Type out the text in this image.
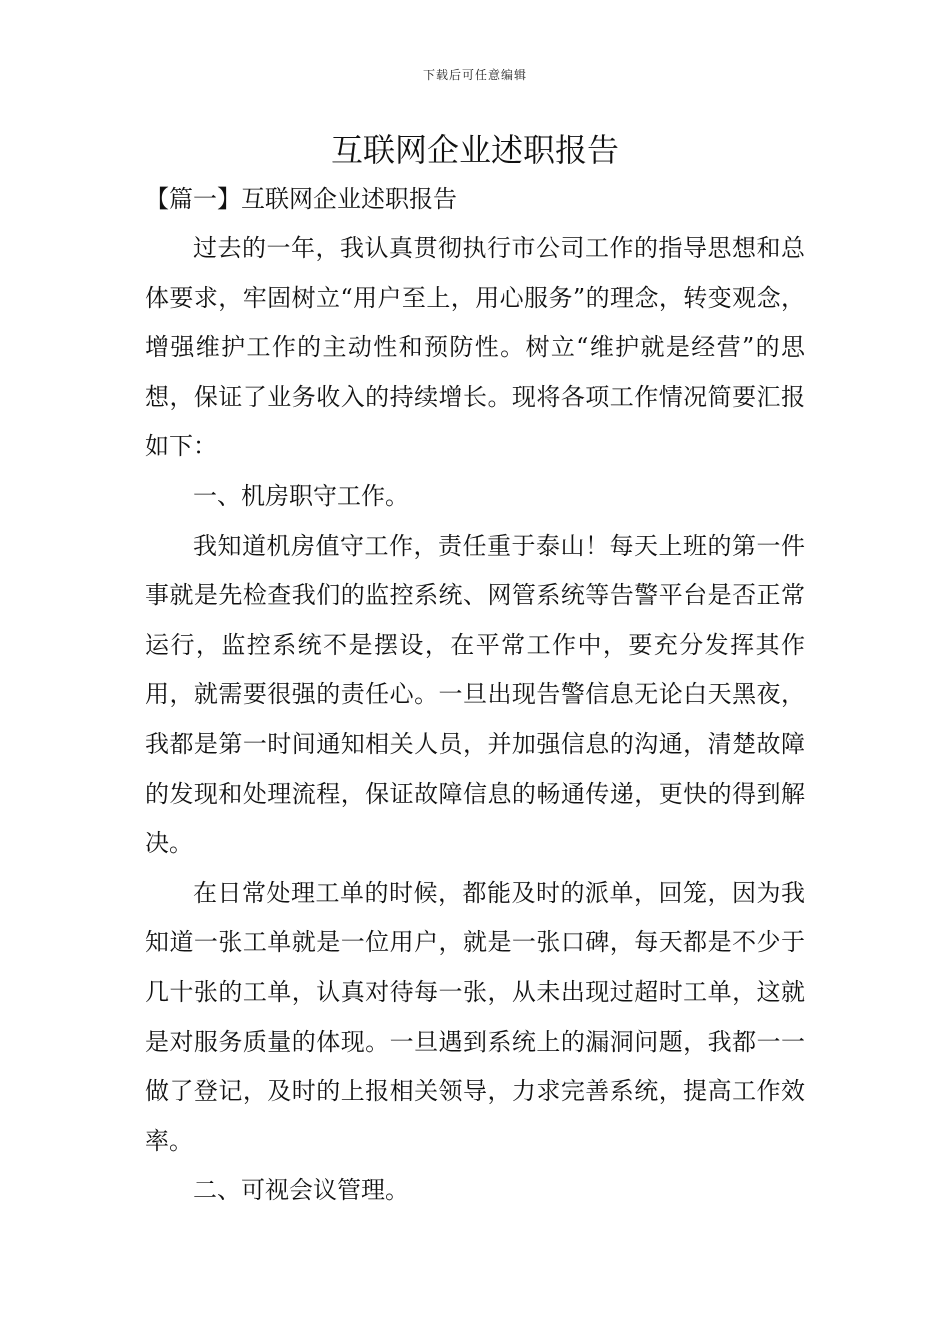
下载后可任意编辑
互联网企业述职报告
【篇一】互联网企业述职报告

过去的一年，我认真贯彻执行市公司工作的指导思想和总体要求，牢固树立“用户至上，用心服务”的理念，转变观念，增强维护工作的主动性和预防性。树立“维护就是经营”的思想，保证了业务收入的持续增长。现将各项工作情况简要汇报如下：

一、机房职守工作。

我知道机房值守工作，责任重于泰山！每天上班的第一件事就是先检查我们的监控系统、网管系统等告警平台是否正常运行，监控系统不是摆设，在平常工作中，要充分发挥其作用，就需要很强的责任心。一旦出现告警信息无论白天黑夜，我都是第一时间通知相关人员，并加强信息的沟通，清楚故障的发现和处理流程，保证故障信息的畅通传递，更快的得到解决。

在日常处理工单的时候，都能及时的派单，回笼，因为我知道一张工单就是一位用户，就是一张口碑，每天都是不少于几十张的工单，认真对待每一张，从未出现过超时工单，这就是对服务质量的体现。一旦遇到系统上的漏洞问题，我都一一做了登记，及时的上报相关领导，力求完善系统，提高工作效率。

二、可视会议管理。
